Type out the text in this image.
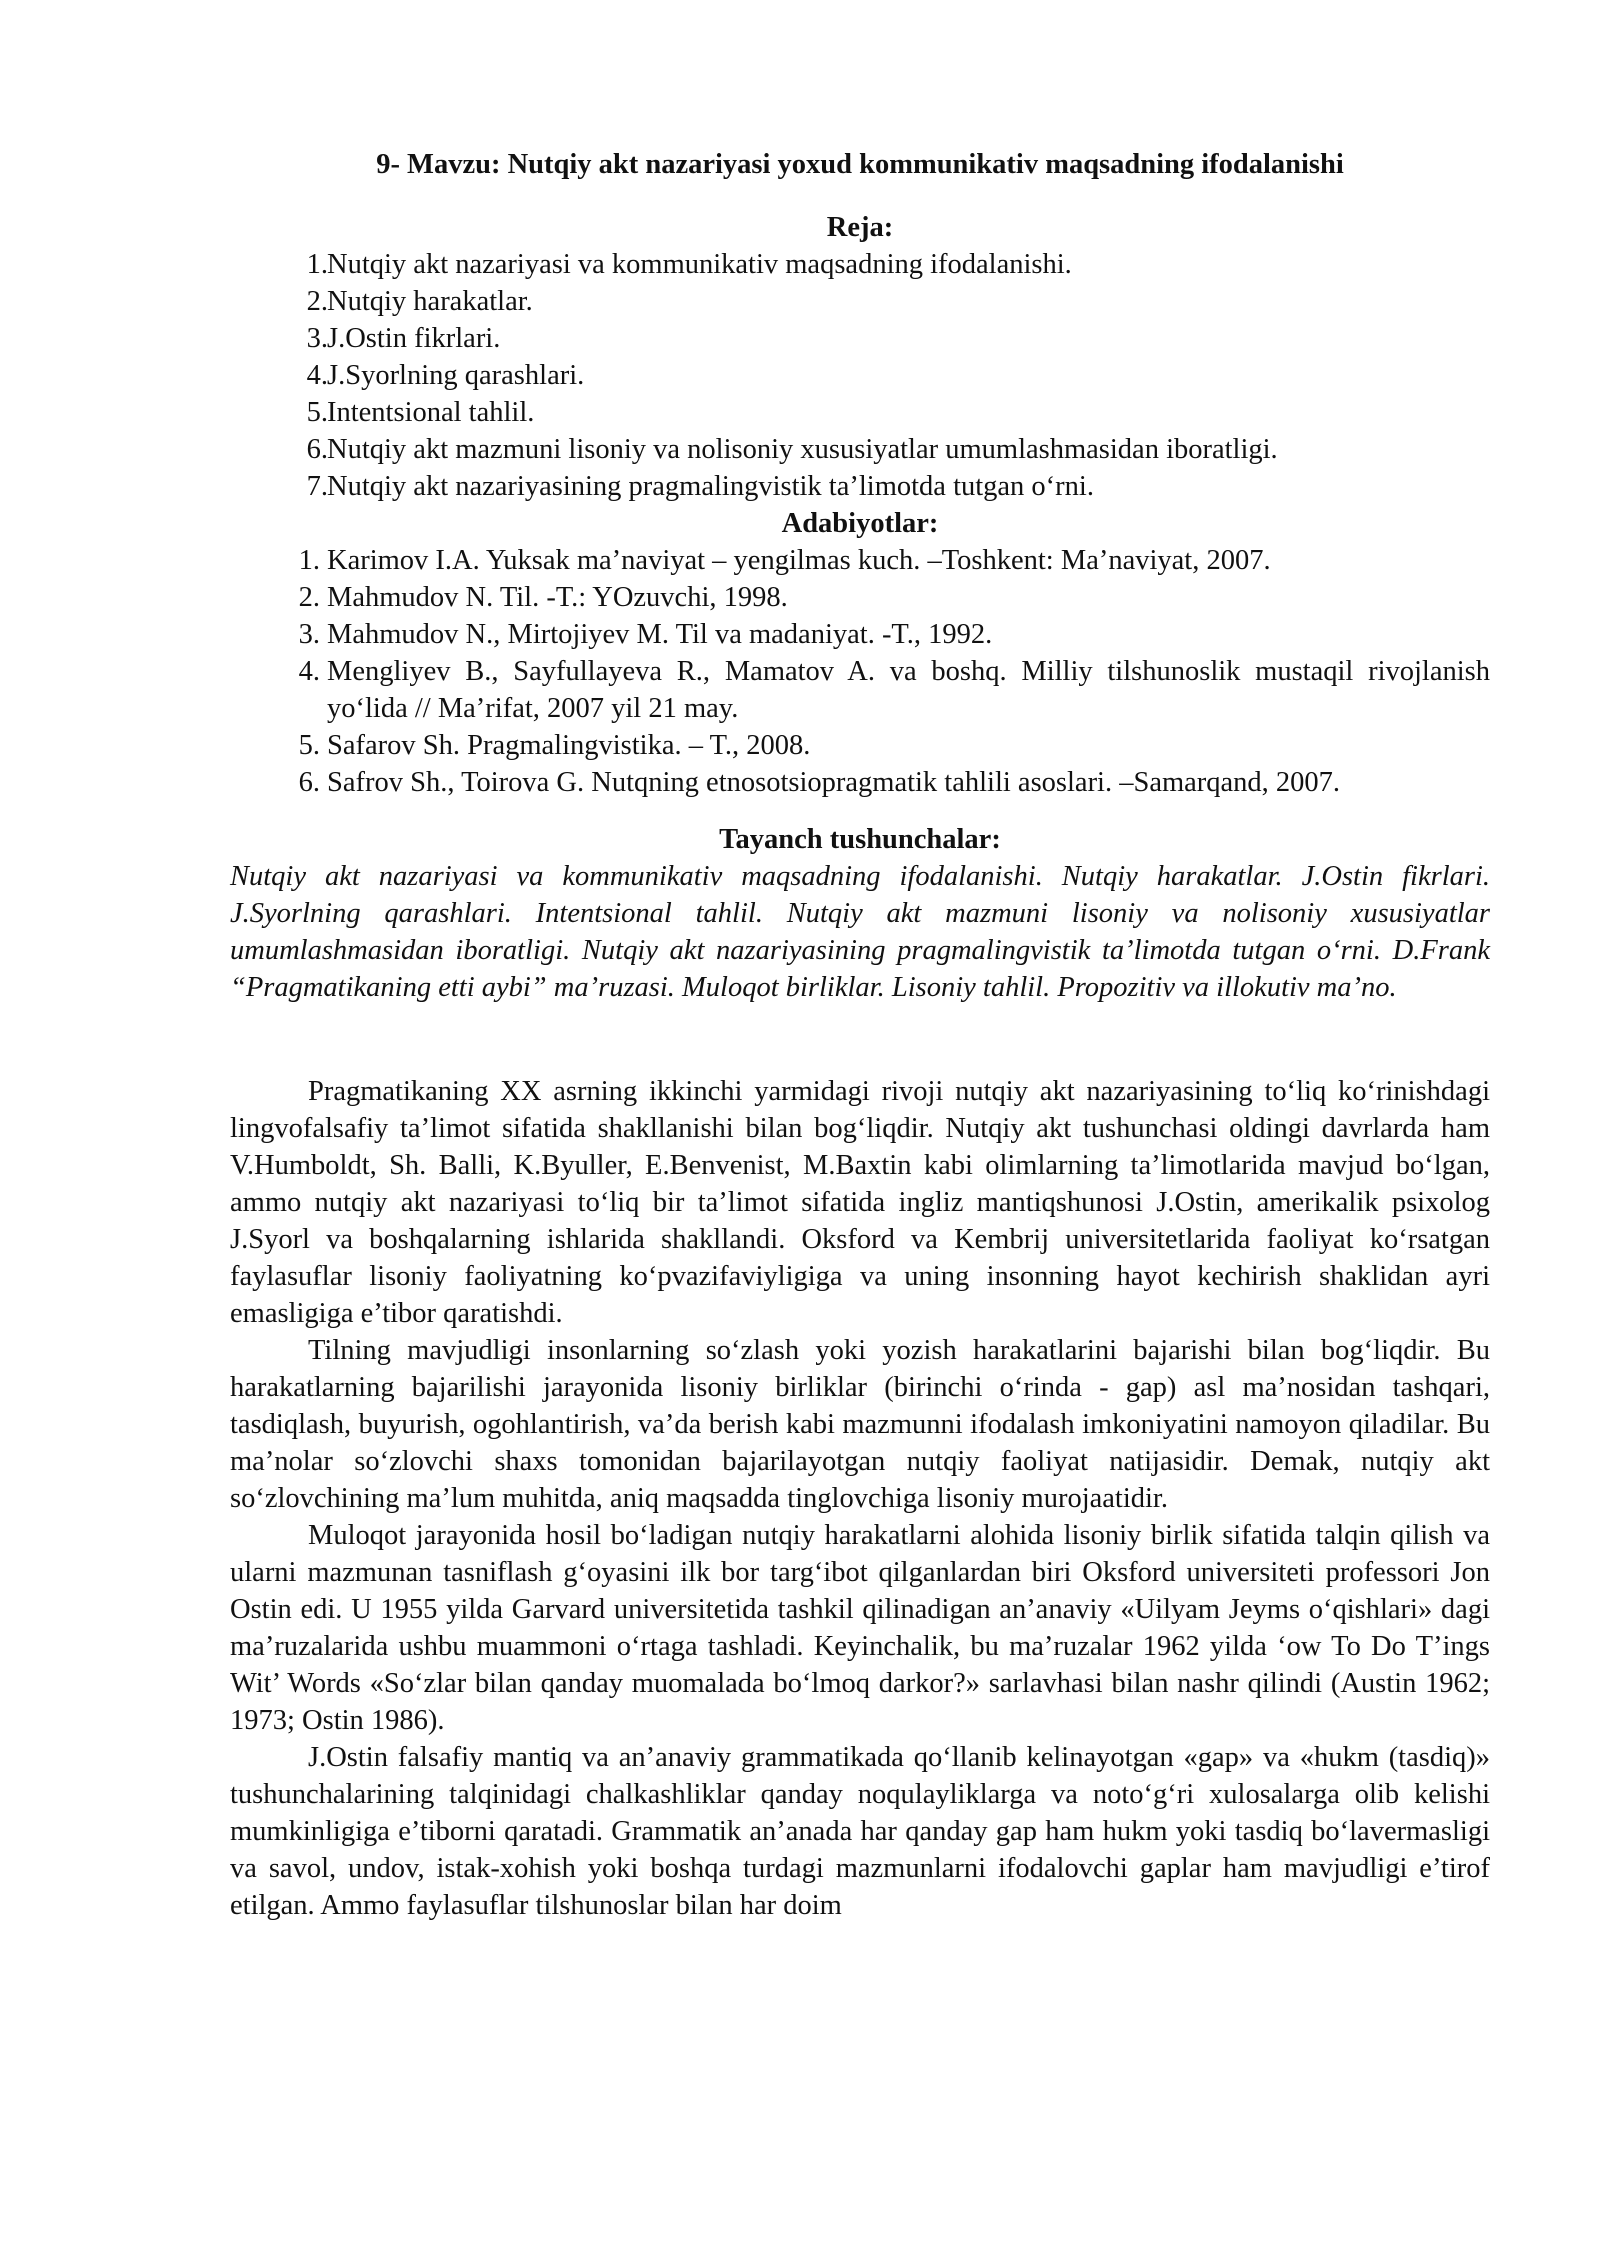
9- Mavzu: Nutqiy akt nazariyasi yoxud kommunikativ maqsadning ifodalanishi
Reja:
1. Nutqiy akt nazariyasi va kommunikativ maqsadning ifodalanishi.
2. Nutqiy harakatlar.
3. J.Ostin fikrlari.
4. J.Syorlning qarashlari.
5. Intentsional tahlil.
6. Nutqiy akt mazmuni lisoniy va nolisoniy xususiyatlar umumlashmasidan iboratligi.
7. Nutqiy akt nazariyasining pragmalingvistik ta’limotda tutgan o‘rni.
Adabiyotlar:
1. Karimov I.A. Yuksak ma’naviyat – yengilmas kuch. –Toshkent: Ma’naviyat, 2007.
2. Mahmudov N. Til. -T.: YOzuvchi, 1998.
3. Mahmudov N., Mirtojiyev M. Til va madaniyat. -T., 1992.
4. Mengliyev B., Sayfullayeva R., Mamatov A. va boshq. Milliy tilshunoslik mustaqil rivojlanish yo‘lida // Ma’rifat, 2007 yil 21 may.
5. Safarov Sh. Pragmalingvistika. – T., 2008.
6. Safrov Sh., Toirova G. Nutqning etnosotsiopragmatik tahlili asoslari. –Samarqand, 2007.
Tayanch tushunchalar:

Nutqiy akt nazariyasi va kommunikativ maqsadning ifodalanishi. Nutqiy harakatlar. J.Ostin fikrlari. J.Syorlning qarashlari. Intentsional tahlil. Nutqiy akt mazmuni lisoniy va nolisoniy xususiyatlar umumlashmasidan iboratligi. Nutqiy akt nazariyasining pragmalingvistik ta’limotda tutgan o‘rni. D.Frank “Pragmatikaning etti aybi” ma’ruzasi. Muloqot birliklar. Lisoniy tahlil. Propozitiv va illokutiv ma’no.

Pragmatikaning XX asrning ikkinchi yarmidagi rivoji nutqiy akt nazariyasining to‘liq ko‘rinishdagi lingvofalsafiy ta’limot sifatida shakllanishi bilan bog‘liqdir. Nutqiy akt tushunchasi oldingi davrlarda ham V.Humboldt, Sh. Balli, K.Byuller, E.Benvenist, M.Baxtin kabi olimlarning ta’limotlarida mavjud bo‘lgan, ammo nutqiy akt nazariyasi to‘liq bir ta’limot sifatida ingliz mantiqshunosi J.Ostin, amerikalik psixolog J.Syorl va boshqalarning ishlarida shakllandi. Oksford va Kembrij universitetlarida faoliyat ko‘rsatgan faylasuflar lisoniy faoliyatning ko‘pvazifaviyligiga va uning insonning hayot kechirish shaklidan ayri emasligiga e’tibor qaratishdi.

Tilning mavjudligi insonlarning so‘zlash yoki yozish harakatlarini bajarishi bilan bog‘liqdir. Bu harakatlarning bajarilishi jarayonida lisoniy birliklar (birinchi o‘rinda - gap) asl ma’nosidan tashqari, tasdiqlash, buyurish, ogohlantirish, va’da berish kabi mazmunni ifodalash imkoniyatini namoyon qiladilar. Bu ma’nolar so‘zlovchi shaxs tomonidan bajarilayotgan nutqiy faoliyat natijasidir. Demak, nutqiy akt so‘zlovchining ma’lum muhitda, aniq maqsadda tinglovchiga lisoniy murojaatidir.

Muloqot jarayonida hosil bo‘ladigan nutqiy harakatlarni alohida lisoniy birlik sifatida talqin qilish va ularni mazmunan tasniflash g‘oyasini ilk bor targ‘ibot qilganlardan biri Oksford universiteti professori Jon Ostin edi. U 1955 yilda Garvard universitetida tashkil qilinadigan an’anaviy «Uilyam Jeyms o‘qishlari» dagi ma’ruzalarida ushbu muammoni o‘rtaga tashladi. Keyinchalik, bu ma’ruzalar 1962 yilda ‘ow To Do T’ings Wit’ Words «So‘zlar bilan qanday muomalada bo‘lmoq darkor?» sarlavhasi bilan nashr qilindi (Austin 1962; 1973; Ostin 1986).

J.Ostin falsafiy mantiq va an’anaviy grammatikada qo‘llanib kelinayotgan «gap» va «hukm (tasdiq)» tushunchalarining talqinidagi chalkashliklar qanday noqulayliklarga va noto‘g‘ri xulosalarga olib kelishi mumkinligiga e’tiborni qaratadi. Grammatik an’anada har qanday gap ham hukm yoki tasdiq bo‘lavermasligi va savol, undov, istak-xohish yoki boshqa turdagi mazmunlarni ifodalovchi gaplar ham mavjudligi e’tirof etilgan. Ammo faylasuflar tilshunoslar bilan har doim
